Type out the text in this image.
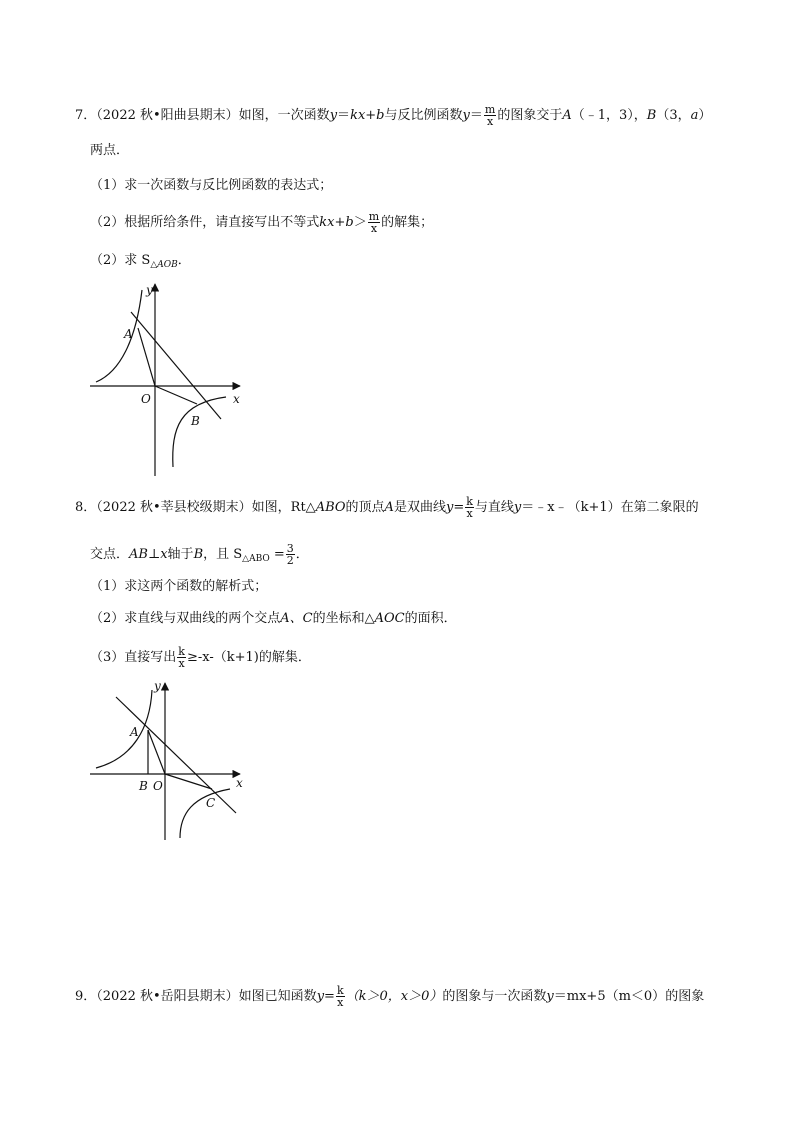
7．（2022 秋•阳曲县期末）如图，一次函数y＝kx+b与反比例函数$y= \frac{m}{x}$ 的图象交于A（﹣1，3），B（3，a）
两点．
（1）求一次函数与反比例函数的表达式；
（2）根据所给条件，请直接写出不等式$kx+b> \frac{m}{x}$ 的解集；
（2）求 $S_{\triangle AOB}$．
y
x
A
O
B
8．（2022 秋•莘县校级期末）如图，Rt△ABO的顶点A是双曲线$y= \frac{k}{x}$ 与直线y＝﹣x﹣（k+1）在第二象限的
交点．AB⊥x轴于B，且 $S_{\triangle ABO} = \frac{3}{2}$ ．
（1）求这两个函数的解析式；
（2）求直线与双曲线的两个交点A、C的坐标和△AOC的面积．
（3）直接写出 $\frac{k}{x} \ge-x-(k+1)$的解集．
y
x
A
B O
C
9．（2022 秋•岳阳县期末）如图已知函数$y= \frac{k}{x} (k>0$，x＞0）的图象与一次函数y＝mx+5（m＜0）的图象
